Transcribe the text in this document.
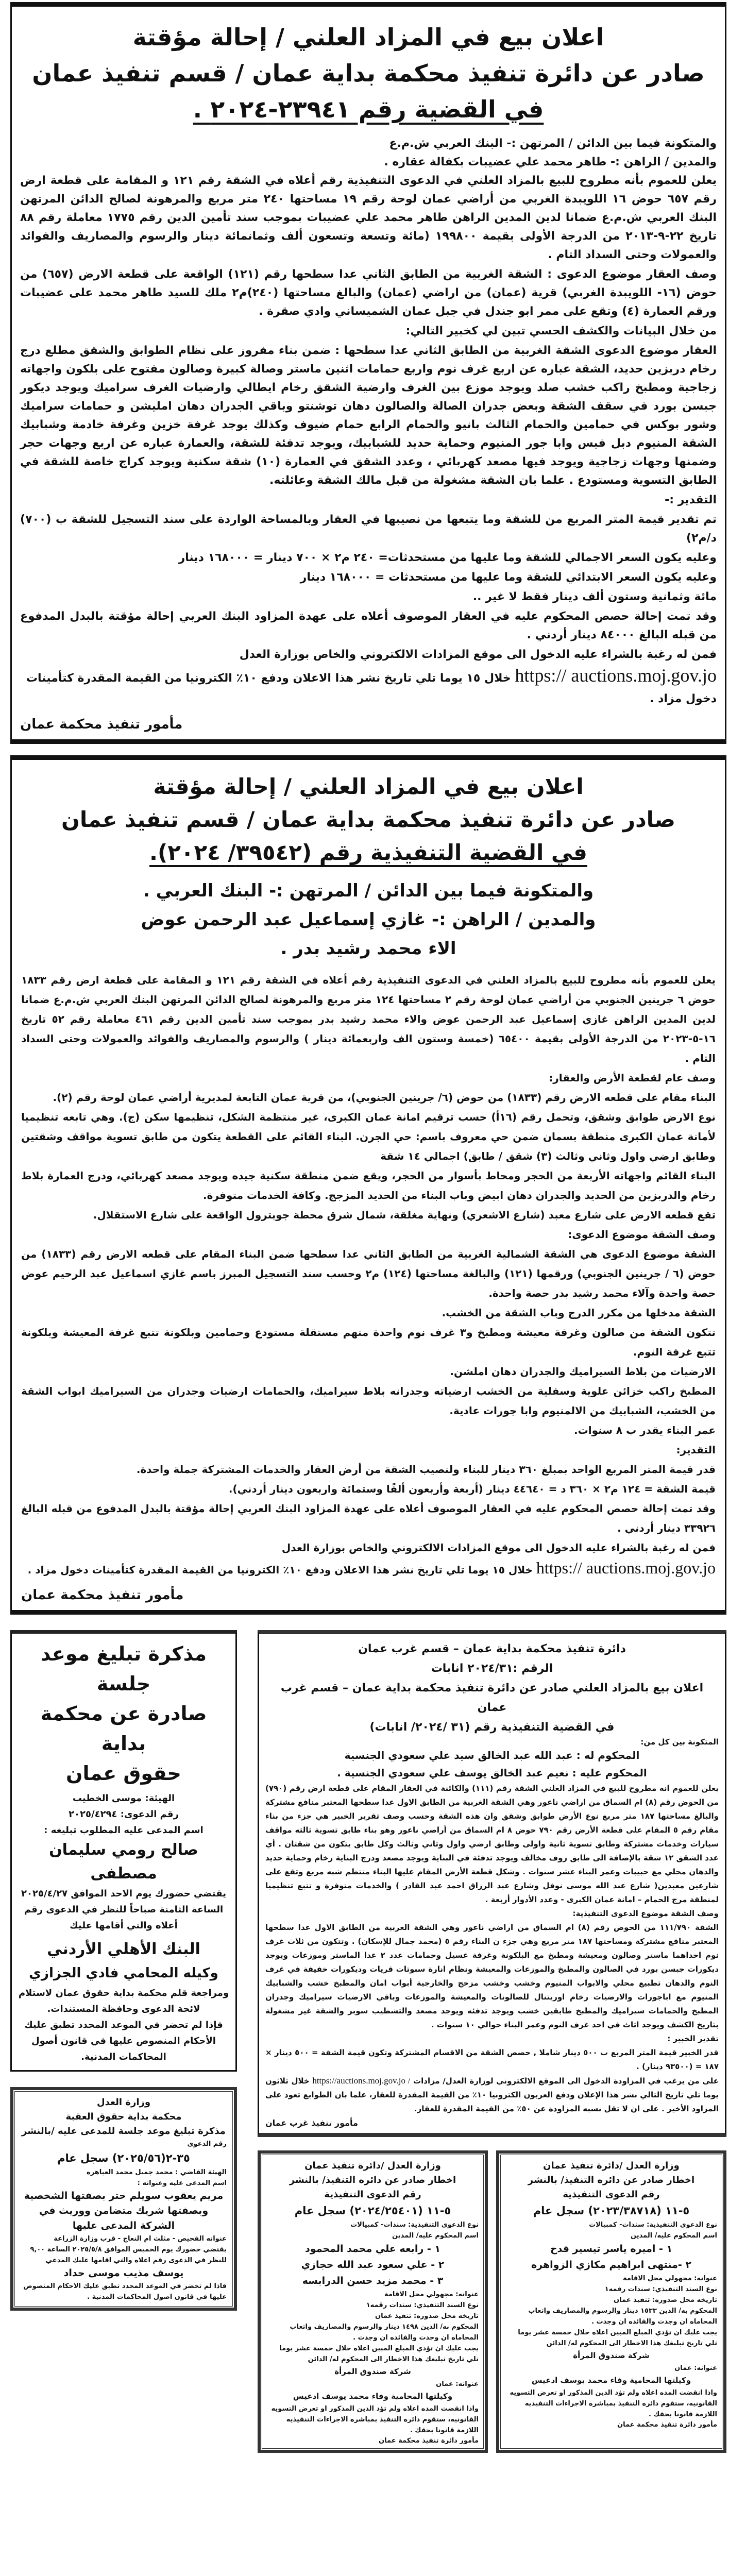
اعلان بيع في المزاد العلني / إحالة مؤقتة

صادر عن دائرة تنفيذ محكمة بداية عمان / قسم تنفيذ عمان

في القضية رقم ٢٣٩٤١-٢٠٢٤ .

والمتكونة فيما بين الدائن / المرتهن :- البنك العربي ش.م.ع

والمدين / الراهن :- طاهر محمد علي عضيبات بكفالة عقاره .

يعلن للعموم بأنه مطروح للبيع بالمزاد العلني في الدعوى التنفيذية رقم أعلاه في الشقة رقم ١٢١ و المقامة على قطعة ارض رقم ٦٥٧ حوض ١٦ اللويبدة الغربي من أراضي عمان لوحة رقم ١٩ مساحتها ٢٤٠ متر مربع والمرهونة لصالح الدائن المرتهن البنك العربي ش.م.ع ضمانا لدين المدين الراهن طاهر محمد علي عضيبات بموجب سند تأمين الدين رقم ١٧٧٥ معاملة رقم ٨٨ تاريخ ٢٢-٩-٢٠١٣ من الدرجة الأولى بقيمة ١٩٩٨٠٠ (مائة وتسعة وتسعون ألف وثمانمائة دينار والرسوم والمصاريف والفوائد والعمولات وحتى السداد التام .

وصف العقار موضوع الدعوى : الشقة الغربية من الطابق الثاني عدا سطحها رقم (١٢١) الواقعة على قطعة الارض (٦٥٧) من حوض (١٦- اللويبدة الغربي) قرية (عمان) من اراضي (عمان) والبالغ مساحتها (٢٤٠)م٢ ملك للسيد طاهر محمد على عضيبات ورقم العمارة (٤) وتقع على ممر ابو جندل في جبل عمان الشميساني وادي صقرة .

من خلال البيانات والكشف الحسي تبين لي كخبير التالي:

العقار موضوع الدعوى الشقة الغربية من الطابق الثاني عدا سطحها : ضمن بناء مفروز على نظام الطوابق والشقق مطلع درج رخام دربزين حديد، الشقة عباره عن اربع غرف نوم واربع حمامات اثنين ماستر وصالة كبيرة وصالون مفتوح على بلكون واجهاته زجاجية ومطبخ راكب خشب صلد ويوجد موزع بين الغرف وارضية الشقق رخام ايطالي وارضيات الغرف سراميك ويوجد ديكور جبسن بورد في سقف الشقة وبعض جدران الصالة والصالون دهان توشنتو وباقي الجدران دهان امليشن و حمامات سراميك وشور بوكس في حمامين والحمام الثالث بانيو والحمام الرابع حمام ضيوف وكذلك يوجد غرفة خزين وغرفة خادمة وشبابيك الشقة المنيوم دبل فيس وابا جور المنيوم وحماية حديد للشبابيك، ويوجد تدفئة للشقة، والعمارة عباره عن اربع وجهات حجر وضمنها وجهات زجاجية ويوجد فيها مصعد كهربائي ، وعدد الشقق في العمارة (١٠) شقة سكنية ويوجد كراج خاصة للشقة في الطابق التسوية ومستودع . علما بان الشقة مشغولة من قبل مالك الشقة وعائلته.

التقدير :-

تم تقدير قيمة المتر المربع من للشقة وما يتبعها من نصيبها في العقار وبالمساحة الواردة على سند التسجيل للشقة ب (٧٠٠) د/م٢)

وعليه يكون السعر الاجمالي للشقة وما عليها من مستحدثات= ٢٤٠ م٢ × ٧٠٠ دينار = ١٦٨٠٠٠ دينار

وعليه يكون السعر الابتدائي للشقة وما عليها من مستحدثات = ١٦٨٠٠٠ دينار

مائة وثمانية وستون ألف دينار فقط لا غير ..

وقد تمت إحالة حصص المحكوم عليه في العقار الموصوف أعلاه على عهدة المزاود البنك العربي إحالة مؤقتة بالبدل المدفوع من قبله البالغ ٨٤٠٠٠ دينار أردني .

فمن له رغبة بالشراء عليه الدخول الى موقع المزادات الالكتروني والخاص بوزارة العدل

https:// auctions.moj.gov.jo خلال ١٥ يوما تلي تاريخ نشر هذا الاعلان ودفع ١٠٪ الكترونيا من القيمة المقدرة كتأمينات دخول مزاد .

مأمور تنفيذ محكمة عمان

اعلان بيع في المزاد العلني / إحالة مؤقتة

صادر عن دائرة تنفيذ محكمة بداية عمان / قسم تنفيذ عمان

في القضية التنفيذية رقم (٣٩٥٤٢/ ٢٠٢٤).

والمتكونة فيما بين الدائن / المرتهن :- البنك العربي .

والمدين / الراهن :- غازي إسماعيل عبد الرحمن عوض

الاء محمد رشيد بدر .

يعلن للعموم بأنه مطروح للبيع بالمزاد العلني في الدعوى التنفيذية رقم أعلاه في الشقة رقم ١٢١ و المقامة على قطعة ارض رقم ١٨٣٣ حوض ٦ جرينين الجنوبي من أراضي عمان لوحة رقم ٢ مساحتها ١٢٤ متر مربع والمرهونة لصالح الدائن المرتهن البنك العربي ش.م.ع ضمانا لدين المدين الراهن غازي إسماعيل عبد الرحمن عوض والاء محمد رشيد بدر بموجب سند تأمين الدين رقم ٤٦١ معاملة رقم ٥٢ تاريخ ١٦-٥-٢٠٢٣ من الدرجة الأولى بقيمة ٦٥٤٠٠ (خمسة وستون الف واربعمائة دينار ) والرسوم والمصاريف والفوائد والعمولات وحتى السداد التام .

وصف عام لقطعة الأرض والعقار:

البناء مقام على قطعه الارض رقم (١٨٣٣) من حوض (٦/ جرينين الجنوبي)، من قرية عمان التابعة لمديرية أراضي عمان لوحة رقم (٢).

نوع الارض طوابق وشقق، وتحمل رقم (١٦أ) حسب ترقيم امانة عمان الكبرى، غير منتظمة الشكل، تنظيمها سكن (ج). وهي تابعه تنظيميا لأمانة عمان الكبرى منطقة بسمان ضمن حي معروف باسم: حي الجرن. البناء القائم على القطعة يتكون من طابق تسوية مواقف وشقتين وطابق ارضي واول وثاني وثالث (٣) شقق / طابق) اجمالي ١٤ شقة

البناء القائم واجهاته الأربعة من الحجر ومحاط بأسوار من الحجر، ويقع ضمن منطقة سكنية جيده ويوجد مصعد كهربائي، ودرج العمارة بلاط رخام والدربزين من الحديد والجدران دهان ابيض وباب البناء من الحديد المزجج. وكافة الخدمات متوفرة.

تقع قطعه الارض على شارع معبد (شارع الاشعري) ونهاية مغلقة، شمال شرق محطة جوبترول الواقعة على شارع الاستقلال.

وصف الشقة موضوع الدعوى:

الشقة موضوع الدعوى هي الشقة الشمالية الغربية من الطابق الثاني عدا سطحها ضمن البناء المقام على قطعه الارض رقم (١٨٣٣) من حوض (٦ / جرينين الجنوبي) ورقمها (١٢١) والبالغة مساحتها (١٢٤) م٢ وحسب سند التسجيل المبرز باسم غازي اسماعيل عبد الرحيم عوض حصة واحدة وآلاء محمد رشيد بدر حصة واحدة.

الشقة مدخلها من مكرر الدرج وباب الشقة من الخشب.

تتكون الشقة من صالون وغرفة معيشة ومطبخ و٣ غرف نوم واحدة منهم مستقلة مستودع وحمامين وبلكونة تتبع غرفة المعيشة وبلكونة تتبع غرفة النوم.

الارضيات من بلاط السيراميك والجدران دهان املشن.

المطبخ راكب خزائن علوية وسفلية من الخشب ارضياته وجدرانه بلاط سيراميك، والحمامات ارضيات وجدران من السيراميك ابواب الشقة من الخشب، الشبابيك من الالمنيوم وابا جورات عادية.

عمر البناء يقدر ب ٨ سنوات.

التقدير:

قدر قيمة المتر المربع الواحد بمبلغ ٣٦٠ دينار للبناء ولنصيب الشقة من أرض العقار والخدمات المشتركة جملة واحدة.

قيمة الشقة = ١٢٤ م٢ × ٣٦٠ د = ٤٤٦٤٠ دينار (أربعة وأربعون ألفًا وستمائة واربعون دينار أردني).

وقد تمت إحالة حصص المحكوم عليه في العقار الموصوف أعلاه على عهدة المزاود البنك العربي إحالة مؤقتة بالبدل المدفوع من قبله البالغ ٣٣٩٢٦ دينار أردني .

فمن له رغبة بالشراء عليه الدخول الى موقع المزادات الالكتروني والخاص بوزارة العدل

https:// auctions.moj.gov.jo خلال ١٥ يوما تلي تاريخ نشر هذا الاعلان ودفع ١٠٪ الكترونيا من القيمة المقدرة كتأمينات دخول مزاد .

مأمور تنفيذ محكمة عمان

دائرة تنفيذ محكمة بداية عمان – قسم غرب عمان

الرقم :٢٠٢٤/٣١ انابات

اعلان بيع بالمزاد العلني صادر عن دائرة تنفيذ محكمة بداية عمان – قسم غرب عمان

في القضية التنفيذية رقم (٣١ /٢٠٢٤/ انابات)

المتكونة بين كل من:

المحكوم له : عبد الله عبد الخالق سيد علي سعودي الجنسية

المحكوم عليه : نعيم عبد الخالق يوسف علي سعودي الجنسية .

يعلن للعموم انه مطروح للبيع في المزاد العلني الشقة رقم (١١١) والكائنة في العقار المقام على قطعة ارض رقم (٧٩٠) من الحوض رقم (٨) ام السماق من اراضي ناعور وهي الشقة الغربية من الطابق الاول عدا سطحها المعتبر منافع مشتركة والبالغ مساحتها ١٨٧ متر مربع نوع الأرض طوابق وشقق وان هذه الشقة وحسب وصف تقرير الخبير هي جزء من بناء مقام رقم ٥ المقام على قطعة الأرض رقم ٧٩٠ حوض ٨ ام السماق من أراضي ناعور وهو بناء طابق تسوية ثالثه مواقف سيارات وخدمات مشتركة وطابق تسوية ثانية واولى وطابق ارضي واول وثاني وثالث وكل طابق يتكون من شقتان . أي عدد الشقق ١٢ شقة بالإضافة الى طابق روف مخالف ويوجد تدفئة في البناية ويوجد مصعد ودرج البناية رخام وحماية حديد والدهان محلي مع حبيبات وعمر البناء عشر سنوات . وشكل قطعة الأرض المقام عليها البناء منتظم شبه مربع وتقع على شارعين معبدين( شارع عبد الله موسى نوفل وشارع عبد الرزاق احمد عبد القادر ) والخدمات متوفرة و تتبع تنظيميا لمنطقة مرج الحمام – امانة عمان الكبرى - وعدد الأدوار أربعة .

وصف الشقة موضوع الدعوى التنفيذية:

الشقة ١١١/٧٩٠ من الحوض رقم (٨) ام السماق من اراضي ناعور وهي الشقة الغربية من الطابق الاول عدا سطحها المعتبر منافع مشتركة ومساحتها ١٨٧ متر مربع وهي جزء ن البناء رقم ٥ (محمد جمال للإسكان) . وتتكون من ثلاث غرف نوم احداهما ماستر وصالون ومعيشة ومطبخ مع البلكونة وغرفة غسيل وحمامات عدد ٢ عدا الماستر وموزعات ويوجد ديكورات جبسن بورد في الصالون والمطبخ والموزعات والمعيشة ونظام انارة سبوتات قريات وديكورات خفيفة في غرف النوم والدهان تطبيع محلي والابواب المنيوم وخشب وخشب مزحج والخارجية أبواب امان والمطبخ خشب والشبابيك المنيوم مع اباجورات والارضيات رخام اوريتنال للصالونات والمعيشة والموزعات وباقي الارضيات سيراميك وجدران المطبخ والحمامات سيراميك والمطبخ طابقين خشب ويوجد تدفئه ويوجد مصعد والتشطيب سوبر والشقة غير مشغولة بتاريخ الكشف ويوجد اثاث في احد غرف النوم وعمر البناء حوالي ١٠ سنوات .

تقدير الخبير :

قدر الخبير قيمة المتر المربع ب ٥٠٠ دينار شاملا , حصص الشقة من الاقسام المشتركة وتكون قيمة الشقة = ٥٠٠ دينار × ١٨٧ = (٩٣٥٠٠ دينار) .

على من يرغب في المزاودة الدخول الى الموقع الالكتروني لوزارة العدل/ مزادات https://auctions.moj.gov.jo / خلال ثلاثون يوما تلي تاريخ التالي نشر هذا الإعلان ودفع العربون الكترونيا ١٠٪ من القيمة المقدرة للعقار، علما بان الطوابع تعود على المزاود الأخير . على ان لا تقل نسبه المزاودة عن ٥٠٪ من القيمة المقدرة للعقار.

مأمور تنفيذ غرب عمان

وزارة العدل /دائرة تنفيذ عمان

اخطار صادر عن دائره التنفيذ/ بالنشر

رقم الدعوى التنفيذية

٥-١١ (٢٠٢٣/٣٨٧١٨) سجل عام

نوع الدعوى التنفيذية: سندات- كمبيالات

اسم المحكوم عليه/ المدين

١ - اميره ياسر تيسير قدح

٢ -منتهى ابراهيم مكازي الزواهره

عنوانه: مجهولي محل الاقامة

نوع السند التنفيذي: سندات رقمه١

تاريخه محل صدوره: تنفيذ عمان

المحكوم به/ الدين ١٥٣٣ دينار والرسوم والمصاريف واتعاب المحاماه ان وجدت والفائده ان وجدت .

يجب عليك ان تؤدي المبلغ المبين اعلاه خلال خمسة عشر يوما تلي تاريخ تبليغك هذا الاخطار الى المحكوم له/ الدائن

شركة صندوق المرأة

عنوانه: عمان

وكيلتها المحامية وفاء محمد يوسف ادعيس

واذا انقضت المده اعلاه ولم تؤد الدين المذكور او تعرض التسويه القانونيه، ستقوم دائره التنفيذ بمباشره الاجراءات التنفيذيه اللازمة قانونا بحقك .

مأمور دائرة تنفيذ محكمة عمان

وزارة العدل /دائرة تنفيذ عمان

اخطار صادر عن دائره التنفيذ/ بالنشر

رقم الدعوى التنفيذية

٥-١١ (٢٠٢٤/٢٥٤٠١) سجل عام

نوع الدعوى التنفيذية: سندات- كمبيالات

اسم المحكوم عليه/ المدين

١ - رابعه علي محمد المحمود

٢ - علي سعود عبد الله حجازي

٣ - محمد مزيد حسن الدرابسه

عنوانه: مجهولي محل الاقامة

نوع السند التنفيذي: سندات رقمه١

تاريخه محل صدوره: تنفيذ عمان

المحكوم به/ الدين ١٤٩٨ دينار والرسوم والمصاريف واتعاب المحاماه ان وجدت والفائده ان وجدت .

يجب عليك ان تؤدي المبلغ المبين اعلاه خلال خمسة عشر يوما تلي تاريخ تبليغك هذا الاخطار الى المحكوم له/ الدائن

شركة صندوق المرأة

عنوانه: عمان

وكيلتها المحامية وفاء محمد يوسف ادعيس

واذا انقضت المده اعلاه ولم تؤد الدين المذكور او تعرض التسويه القانونيه، ستقوم دائره التنفيذ بمباشره الاجراءات التنفيذيه اللازمة قانونا بحقك .

مأمور دائرة تنفيذ محكمة عمان

مذكرة تبليغ موعد جلسة

صادرة عن محكمة بداية

حقوق عمان

الهيئة: موسى الخطيب

رقم الدعوى: ٢٠٢٥/٤٢٩٤

اسم المدعى عليه المطلوب تبليغه :

صالح رومي سليمان مصطفى

يقتضي حضورك يوم الاحد الموافق ٢٠٢٥/٤/٢٧ الساعة الثامنة صباحاً للنظر في الدعوى رقم أعلاه والتي أقامها عليك

البنك الأهلي الأردني

وكيله المحامي فادي الجزازي

ومراجعة قلم محكمة بداية حقوق عمان لاستلام لائحة الدعوى وحافظة المستندات.

فإذا لم تحضر في الموعد المحدد تطبق عليك الأحكام المنصوص عليها في قانون أصول المحاكمات المدنية.

وزارة العدل

محكمة بداية حقوق العقبة

مذكرة تبليغ موعد جلسة للمدعى عليه /بالنشر

رقم الدعوى

٣٥-٢(٢٠٢٥/٥٦) سجل عام

الهيئة القاضي : محمد جميل محمد العباهره

اسم المدعى عليه وعنوانه :

مريم يعقوب سويلم حتر بصفتها الشخصية وبصفتها شريك متضامن ووريث في الشركة المدعى عليها

عنوانه الفحيص - مثلث ام النعاج - قرب وزارة الزراعة

يقتضي حضورك يوم الخميس الموافق ٢٠٢٥/٥/٨ الساعة ٩,٠٠ للنظر في الدعوى رقم اعلاه والتي اقامها عليك المدعي

يوسف مذيب موسى حداد

فاذا لم تحضر في الموعد المحدد تطبق عليك الاحكام المنصوص عليها في قانون اصول المحاكمات المدنية .
